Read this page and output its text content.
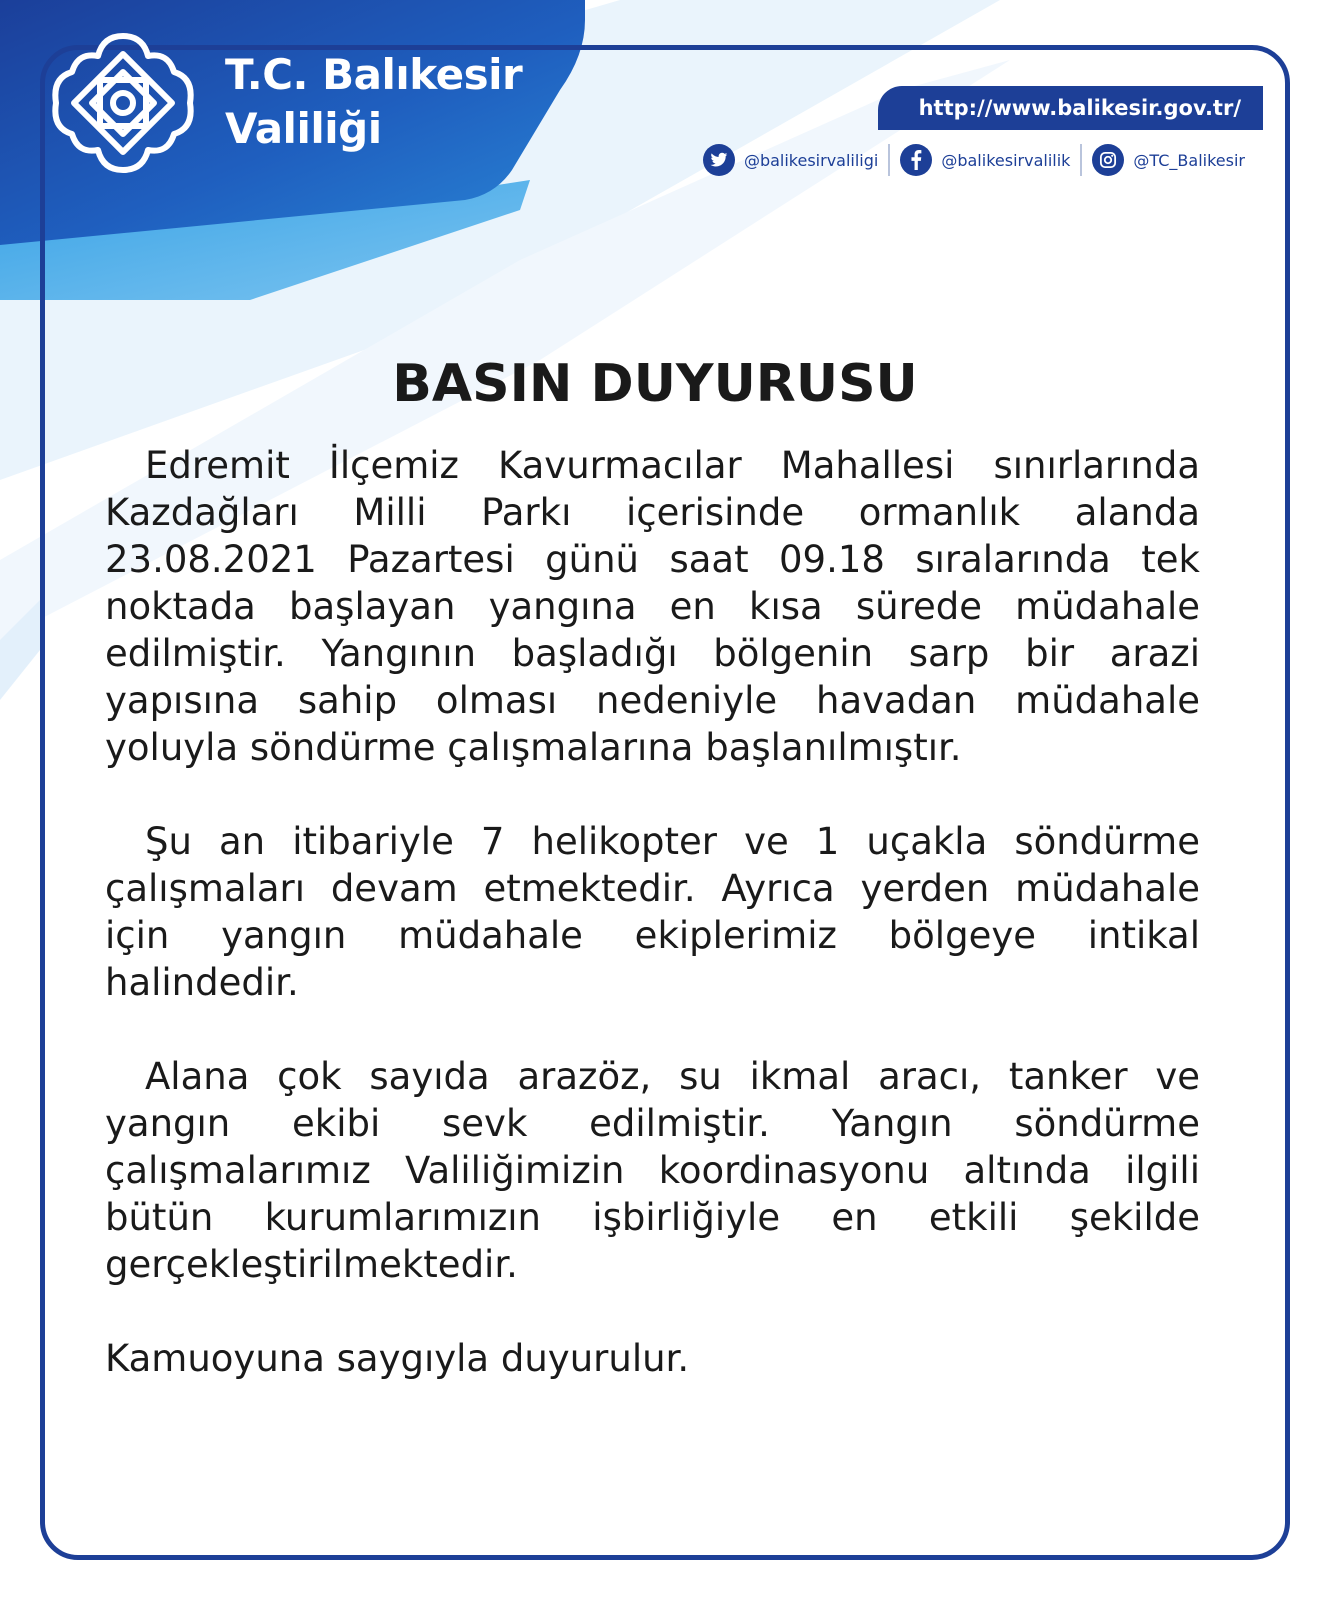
T.C. Balıkesir
Valiliği	http://www.balikesir.gov.tr/
@balikesirvaliligi	@balikesirvalilik	@TC_Balikesir
BASIN DUYURUSU

Edremit İlçemiz Kavurmacılar Mahallesi sınırlarında Kazdağları Milli Parkı içerisinde ormanlık alanda 23.08.2021 Pazartesi günü saat 09.18 sıralarında tek noktada başlayan yangına en kısa sürede müdahale edilmiştir. Yangının başladığı bölgenin sarp bir arazi yapısına sahip olması nedeniyle havadan müdahale yoluyla söndürme çalışmalarına başlanılmıştır.

Şu an itibariyle 7 helikopter ve 1 uçakla söndürme çalışmaları devam etmektedir. Ayrıca yerden müdahale için yangın müdahale ekiplerimiz bölgeye intikal halindedir.

Alana çok sayıda arazöz, su ikmal aracı, tanker ve yangın ekibi sevk edilmiştir. Yangın söndürme çalışmalarımız Valiliğimizin koordinasyonu altında ilgili bütün kurumlarımızın işbirliğiyle en etkili şekilde gerçekleştirilmektedir.

Kamuoyuna saygıyla duyurulur.
